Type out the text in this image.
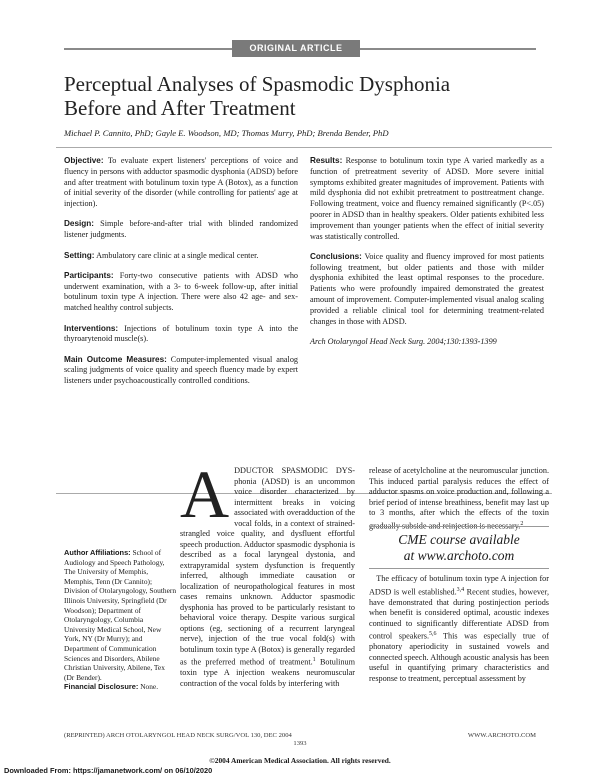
ORIGINAL ARTICLE
Perceptual Analyses of Spasmodic Dysphonia
Before and After Treatment
Michael P. Cannito, PhD; Gayle E. Woodson, MD; Thomas Murry, PhD; Brenda Bender, PhD

Objective: To evaluate expert listeners' perceptions of voice and fluency in persons with adductor spasmodic dysphonia (ADSD) before and after treatment with botulinum toxin type A (Botox), as a function of initial severity of the disorder (while controlling for patients' age at injection).

Design: Simple before-and-after trial with blinded randomized listener judgments.

Setting: Ambulatory care clinic at a single medical center.

Participants: Forty-two consecutive patients with ADSD who underwent examination, with a 3- to 6-week follow-up, after initial botulinum toxin type A injection. There were also 42 age- and sex-matched healthy control subjects.

Interventions: Injections of botulinum toxin type A into the thyroarytenoid muscle(s).

Main Outcome Measures: Computer-implemented visual analog scaling judgments of voice quality and speech fluency made by expert listeners under psychoacoustically controlled conditions.

Results: Response to botulinum toxin type A varied markedly as a function of pretreatment severity of ADSD. More severe initial symptoms exhibited greater magnitudes of improvement. Patients with mild dysphonia did not exhibit pretreatment to posttreatment change. Following treatment, voice and fluency remained significantly (P<.05) poorer in ADSD than in healthy speakers. Older patients exhibited less improvement than younger patients when the effect of initial severity was statistically controlled.

Conclusions: Voice quality and fluency improved for most patients following treatment, but older patients and those with milder dysphonia exhibited the least optimal responses to the procedure. Patients who were profoundly impaired demonstrated the greatest amount of improvement. Computer-implemented visual analog scaling provided a reliable clinical tool for determining treatment-related changes in those with ADSD.

Arch Otolaryngol Head Neck Surg. 2004;130:1393-1399

Author Affiliations: School of Audiology and Speech Pathology, The University of Memphis, Memphis, Tenn (Dr Cannito); Division of Otolaryngology, Southern Illinois University, Springfield (Dr Woodson); Department of Otolaryngology, Columbia University Medical School, New York, NY (Dr Murry); and Department of Communication Sciences and Disorders, Abilene Christian University, Abilene, Tex (Dr Bender).
Financial Disclosure: None.
ADDUCTOR SPASMODIC DYS- phonia (ADSD) is an uncommon voice disorder characterized by intermittent breaks in voicing associated with overadduction of the vocal folds, in a context of strained-strangled voice quality, and dysfluent effortful speech production. Adductor spasmodic dysphonia is described as a focal laryngeal dystonia, and extrapyramidal system dysfunction is frequently inferred, although immediate causation or localization of neuropathological features in most cases remains unknown. Adductor spasmodic dysphonia has proved to be particularly resistant to behavioral voice therapy. Despite various surgical options (eg, sectioning of a recurrent laryngeal nerve), injection of the true vocal fold(s) with botulinum toxin type A (Botox) is generally regarded as the preferred method of treatment.$^1$ Botulinum toxin type A injection weakens neuromuscular contraction of the vocal folds by interfering with
release of acetylcholine at the neuromuscular junction. This induced partial paralysis reduces the effect of adductor spasms on voice production and, following a brief period of intense breathiness, benefit may last up to 3 months, after which the effects of the toxin $^2$
CME course available
at www.archoto.com
The efficacy of botulinum toxin type A injection for ADSD is well established.$^{3,4}$ Recent studies, however, have demonstrated that during postinjection periods when benefit is considered optimal, acoustic indexes continued to significantly differentiate ADSD from control speakers.$^{5,6}$ This was especially true of phonatory aperiodicity in sustained vowels and connected speech. Although acoustic analysis has been useful in quantifying primary characteristics and response to treatment, perceptual assessment by
(REPRINTED) ARCH OTOLARYNGOL HEAD NECK SURG/VOL 130, DEC 2004	WWW.ARCHOTO.COM
1393
©2004 American Medical Association. All rights reserved.
Downloaded From: https://jamanetwork.com/ on 06/10/2020
